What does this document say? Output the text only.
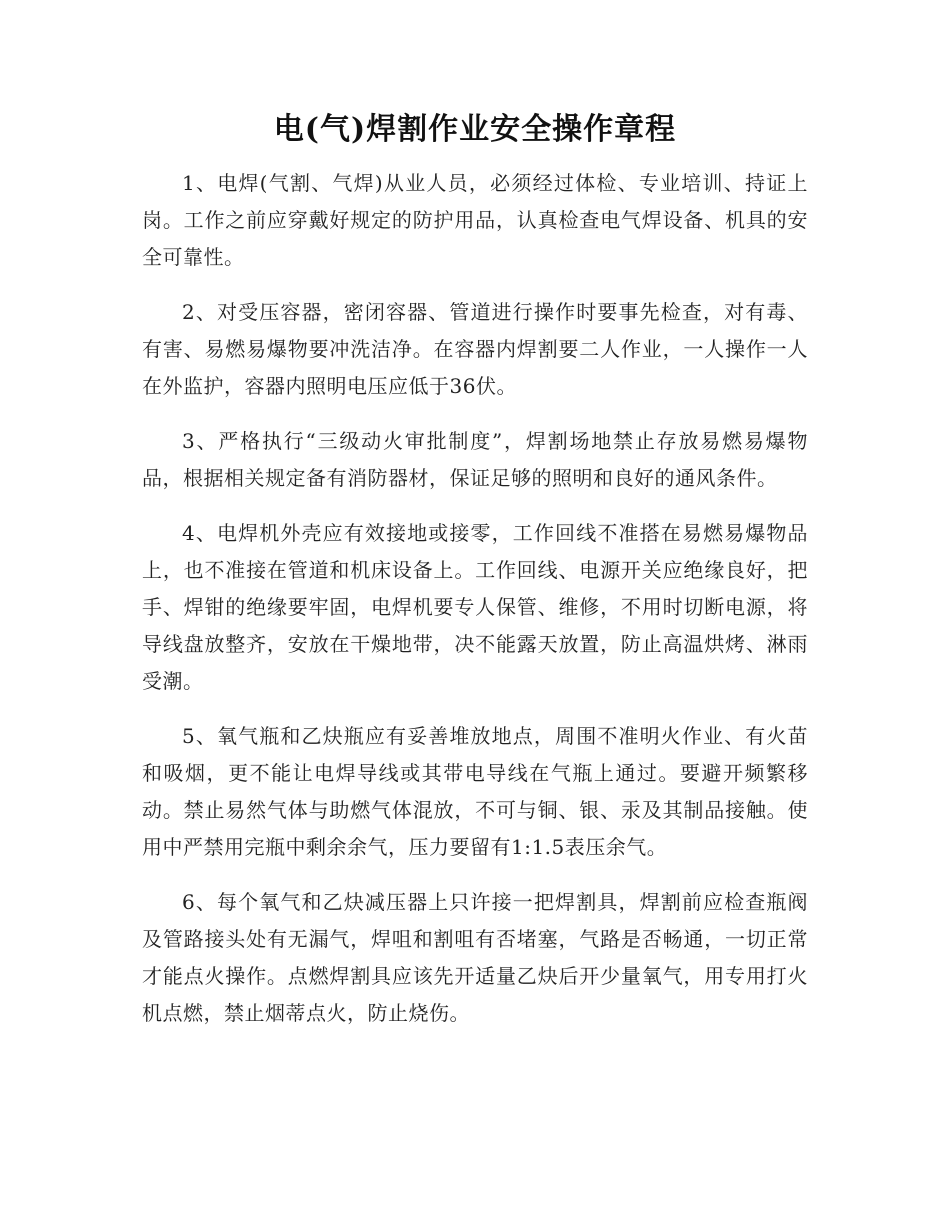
电(气)焊割作业安全操作章程

1、电焊(气割、气焊)从业人员，必须经过体检、专业培训、持证上岗。工作之前应穿戴好规定的防护用品，认真检查电气焊设备、机具的安全可靠性。

2、对受压容器，密闭容器、管道进行操作时要事先检查，对有毒、有害、易燃易爆物要冲洗洁净。在容器内焊割要二人作业，一人操作一人在外监护，容器内照明电压应低于36伏。

3、严格执行“三级动火审批制度”，焊割场地禁止存放易燃易爆物品，根据相关规定备有消防器材，保证足够的照明和良好的通风条件。

4、电焊机外壳应有效接地或接零，工作回线不准搭在易燃易爆物品上，也不准接在管道和机床设备上。工作回线、电源开关应绝缘良好，把手、焊钳的绝缘要牢固，电焊机要专人保管、维修，不用时切断电源，将导线盘放整齐，安放在干燥地带，决不能露天放置，防止高温烘烤、淋雨受潮。

5、氧气瓶和乙炔瓶应有妥善堆放地点，周围不准明火作业、有火苗和吸烟，更不能让电焊导线或其带电导线在气瓶上通过。要避开频繁移动。禁止易然气体与助燃气体混放，不可与铜、银、汞及其制品接触。使用中严禁用完瓶中剩余余气，压力要留有1:1.5表压余气。

6、每个氧气和乙炔减压器上只许接一把焊割具，焊割前应检查瓶阀及管路接头处有无漏气，焊咀和割咀有否堵塞，气路是否畅通，一切正常才能点火操作。点燃焊割具应该先开适量乙炔后开少量氧气，用专用打火机点燃，禁止烟蒂点火，防止烧伤。
